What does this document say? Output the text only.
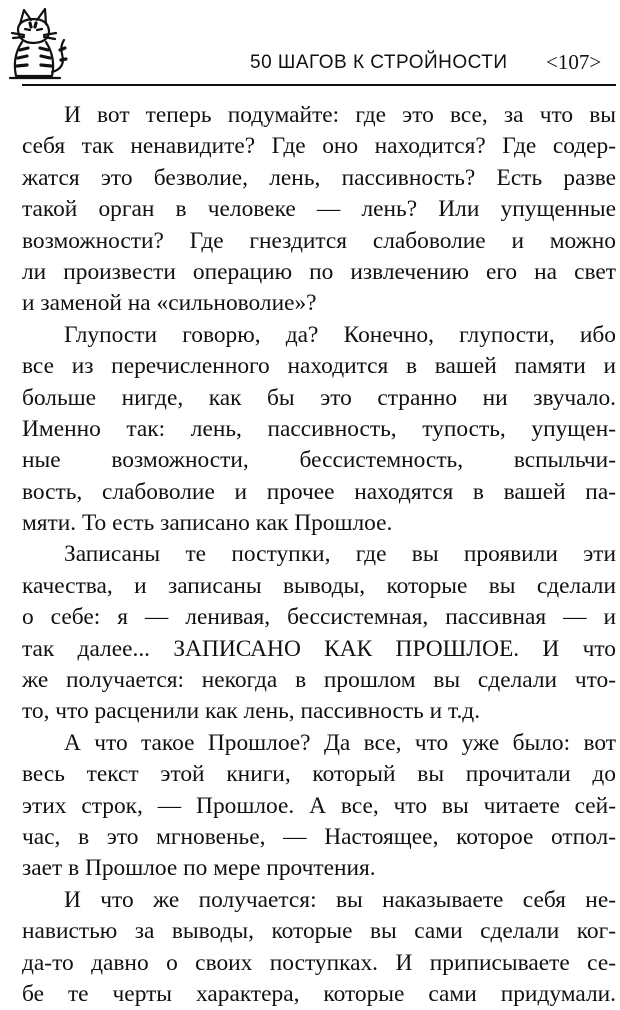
50 ШАГОВ К СТРОЙНОСТИ <107>
И вот теперь подумайте: где это все, за что вы
себя так ненавидите? Где оно находится? Где содер-
жатся это безволие, лень, пассивность? Есть разве
такой орган в человеке — лень? Или упущенные
возможности? Где гнездится слабоволие и можно
ли произвести операцию по извлечению его на свет
и заменой на «сильноволие»?
Глупости говорю, да? Конечно, глупости, ибо
все из перечисленного находится в вашей памяти и
больше нигде, как бы это странно ни звучало.
Именно так: лень, пассивность, тупость, упущен-
ные возможности, бессистемность, вспыльчи-
вость, слабоволие и прочее находятся в вашей па-
мяти. То есть записано как Прошлое.
Записаны те поступки, где вы проявили эти
качества, и записаны выводы, которые вы сделали
о себе: я — ленивая, бессистемная, пассивная — и
так далее... ЗАПИСАНО КАК ПРОШЛОЕ. И что
же получается: некогда в прошлом вы сделали что-
то, что расценили как лень, пассивность и т.д.
А что такое Прошлое? Да все, что уже было: вот
весь текст этой книги, который вы прочитали до
этих строк, — Прошлое. А все, что вы читаете сей-
час, в это мгновенье, — Настоящее, которое отпол-
зает в Прошлое по мере прочтения.
И что же получается: вы наказываете себя не-
навистью за выводы, которые вы сами сделали ког-
да-то давно о своих поступках. И приписываете се-
бе те черты характера, которые сами придумали.
